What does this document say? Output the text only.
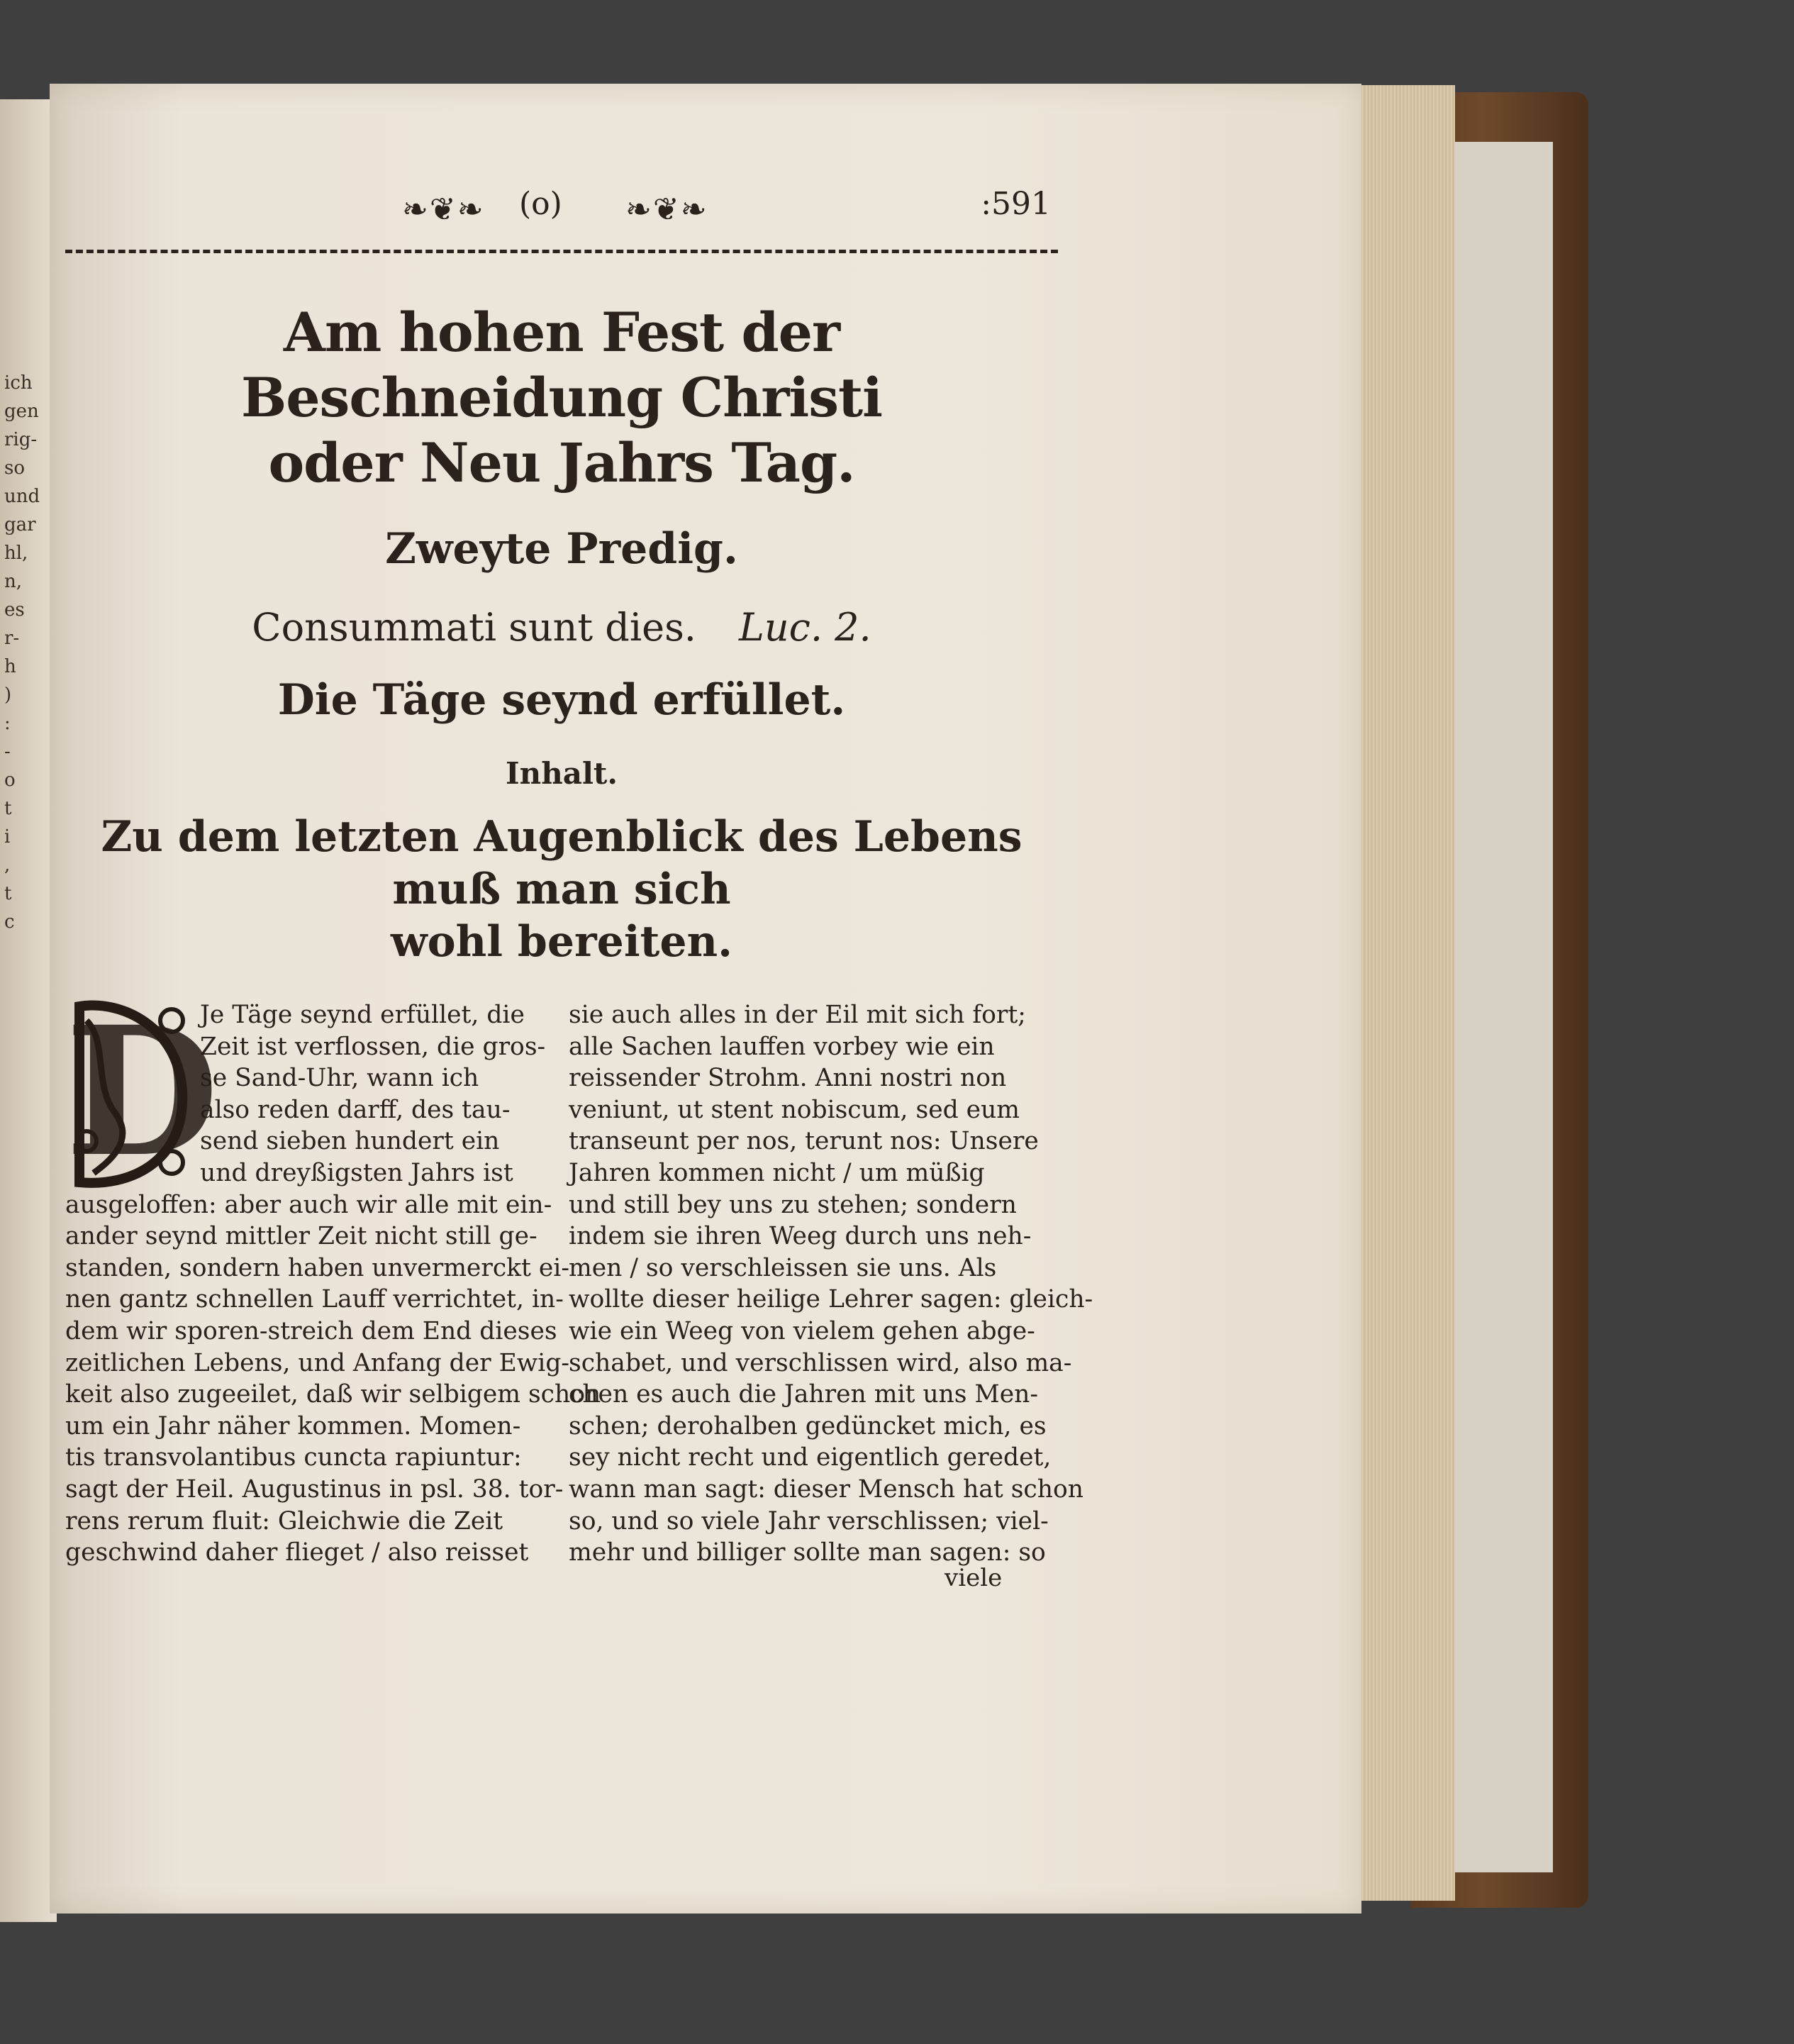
ich
gen
rig-
so
und
gar
hl,
n,
es
r-
h
)
:
-
o
t
i
,
t
c
❧❦❧ (o) ❧❦❧	:591
Am hohen Fest der Beschneidung Christi
oder Neu Jahrs Tag.
Zweyte Predig.
Consummati sunt dies. Luc. 2.
Die Täge seynd erfüllet.
Inhalt.
Zu dem letzten Augenblick des Lebens muß man sich
wohl bereiten.
D
Je Täge seynd erfüllet, die
Zeit ist verflossen, die gros-
se Sand-Uhr, wann ich
also reden darff, des tau-
send sieben hundert ein
und dreyßigsten Jahrs ist
ausgeloffen: aber auch wir alle mit ein-
ander seynd mittler Zeit nicht still ge-
standen, sondern haben unvermerckt ei-
nen gantz schnellen Lauff verrichtet, in-
dem wir sporen-streich dem End dieses
zeitlichen Lebens, und Anfang der Ewig-
keit also zugeeilet, daß wir selbigem schon
um ein Jahr näher kommen. Momen-
tis transvolantibus cuncta rapiuntur:
sagt der Heil. Augustinus in psl. 38. tor-
rens rerum fluit: Gleichwie die Zeit
geschwind daher flieget / also reisset
sie auch alles in der Eil mit sich fort;
alle Sachen lauffen vorbey wie ein
reissender Strohm. Anni nostri non
veniunt, ut stent nobiscum, sed eum
transeunt per nos, terunt nos: Unsere
Jahren kommen nicht / um müßig
und still bey uns zu stehen; sondern
indem sie ihren Weeg durch uns neh-
men / so verschleissen sie uns. Als
wollte dieser heilige Lehrer sagen: gleich-
wie ein Weeg von vielem gehen abge-
schabet, und verschlissen wird, also ma-
chen es auch die Jahren mit uns Men-
schen; derohalben gedüncket mich, es
sey nicht recht und eigentlich geredet,
wann man sagt: dieser Mensch hat schon
so, und so viele Jahr verschlissen; viel-
mehr und billiger sollte man sagen: so
viele
